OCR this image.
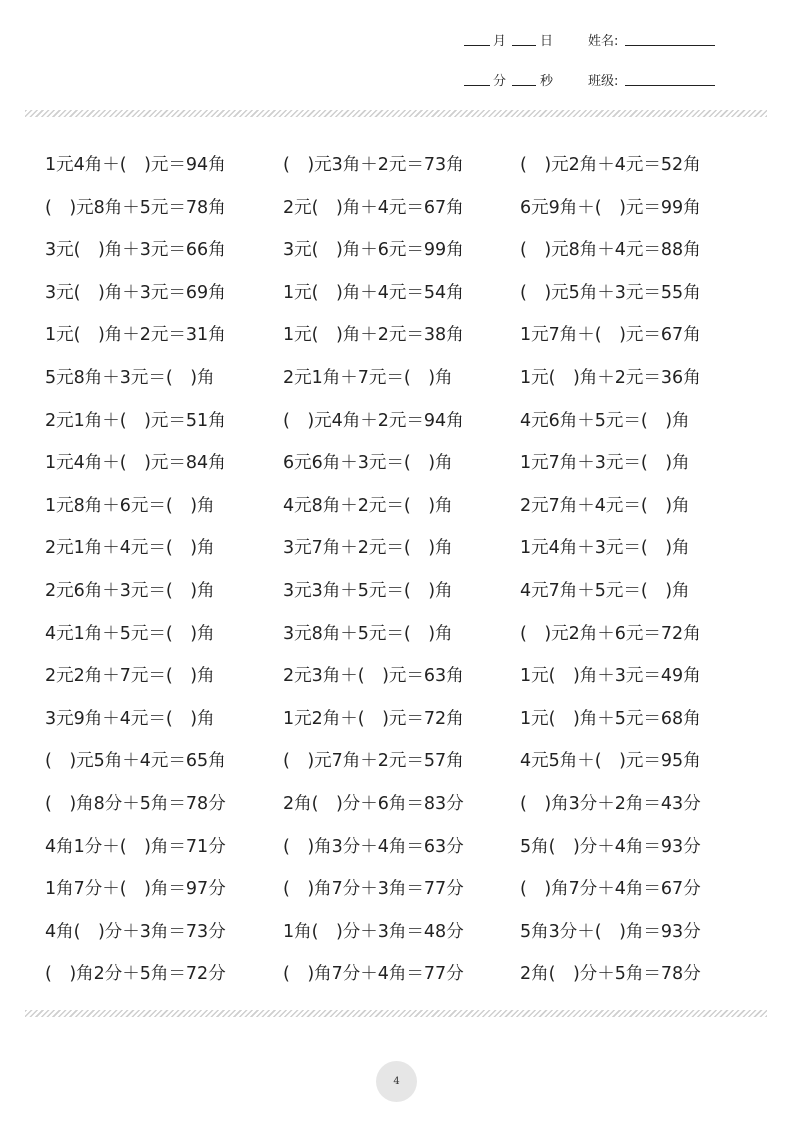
月	日	姓名:
分	秒	班级:
1元4角＋(　)元＝94角	(　)元3角＋2元＝73角	(　)元2角＋4元＝52角
(　)元8角＋5元＝78角	2元(　)角＋4元＝67角	6元9角＋(　)元＝99角
3元(　)角＋3元＝66角	3元(　)角＋6元＝99角	(　)元8角＋4元＝88角
3元(　)角＋3元＝69角	1元(　)角＋4元＝54角	(　)元5角＋3元＝55角
1元(　)角＋2元＝31角	1元(　)角＋2元＝38角	1元7角＋(　)元＝67角
5元8角＋3元＝(　)角	2元1角＋7元＝(　)角	1元(　)角＋2元＝36角
2元1角＋(　)元＝51角	(　)元4角＋2元＝94角	4元6角＋5元＝(　)角
1元4角＋(　)元＝84角	6元6角＋3元＝(　)角	1元7角＋3元＝(　)角
1元8角＋6元＝(　)角	4元8角＋2元＝(　)角	2元7角＋4元＝(　)角
2元1角＋4元＝(　)角	3元7角＋2元＝(　)角	1元4角＋3元＝(　)角
2元6角＋3元＝(　)角	3元3角＋5元＝(　)角	4元7角＋5元＝(　)角
4元1角＋5元＝(　)角	3元8角＋5元＝(　)角	(　)元2角＋6元＝72角
2元2角＋7元＝(　)角	2元3角＋(　)元＝63角	1元(　)角＋3元＝49角
3元9角＋4元＝(　)角	1元2角＋(　)元＝72角	1元(　)角＋5元＝68角
(　)元5角＋4元＝65角	(　)元7角＋2元＝57角	4元5角＋(　)元＝95角
(　)角8分＋5角＝78分	2角(　)分＋6角＝83分	(　)角3分＋2角＝43分
4角1分＋(　)角＝71分	(　)角3分＋4角＝63分	5角(　)分＋4角＝93分
1角7分＋(　)角＝97分	(　)角7分＋3角＝77分	(　)角7分＋4角＝67分
4角(　)分＋3角＝73分	1角(　)分＋3角＝48分	5角3分＋(　)角＝93分
(　)角2分＋5角＝72分	(　)角7分＋4角＝77分	2角(　)分＋5角＝78分
4
